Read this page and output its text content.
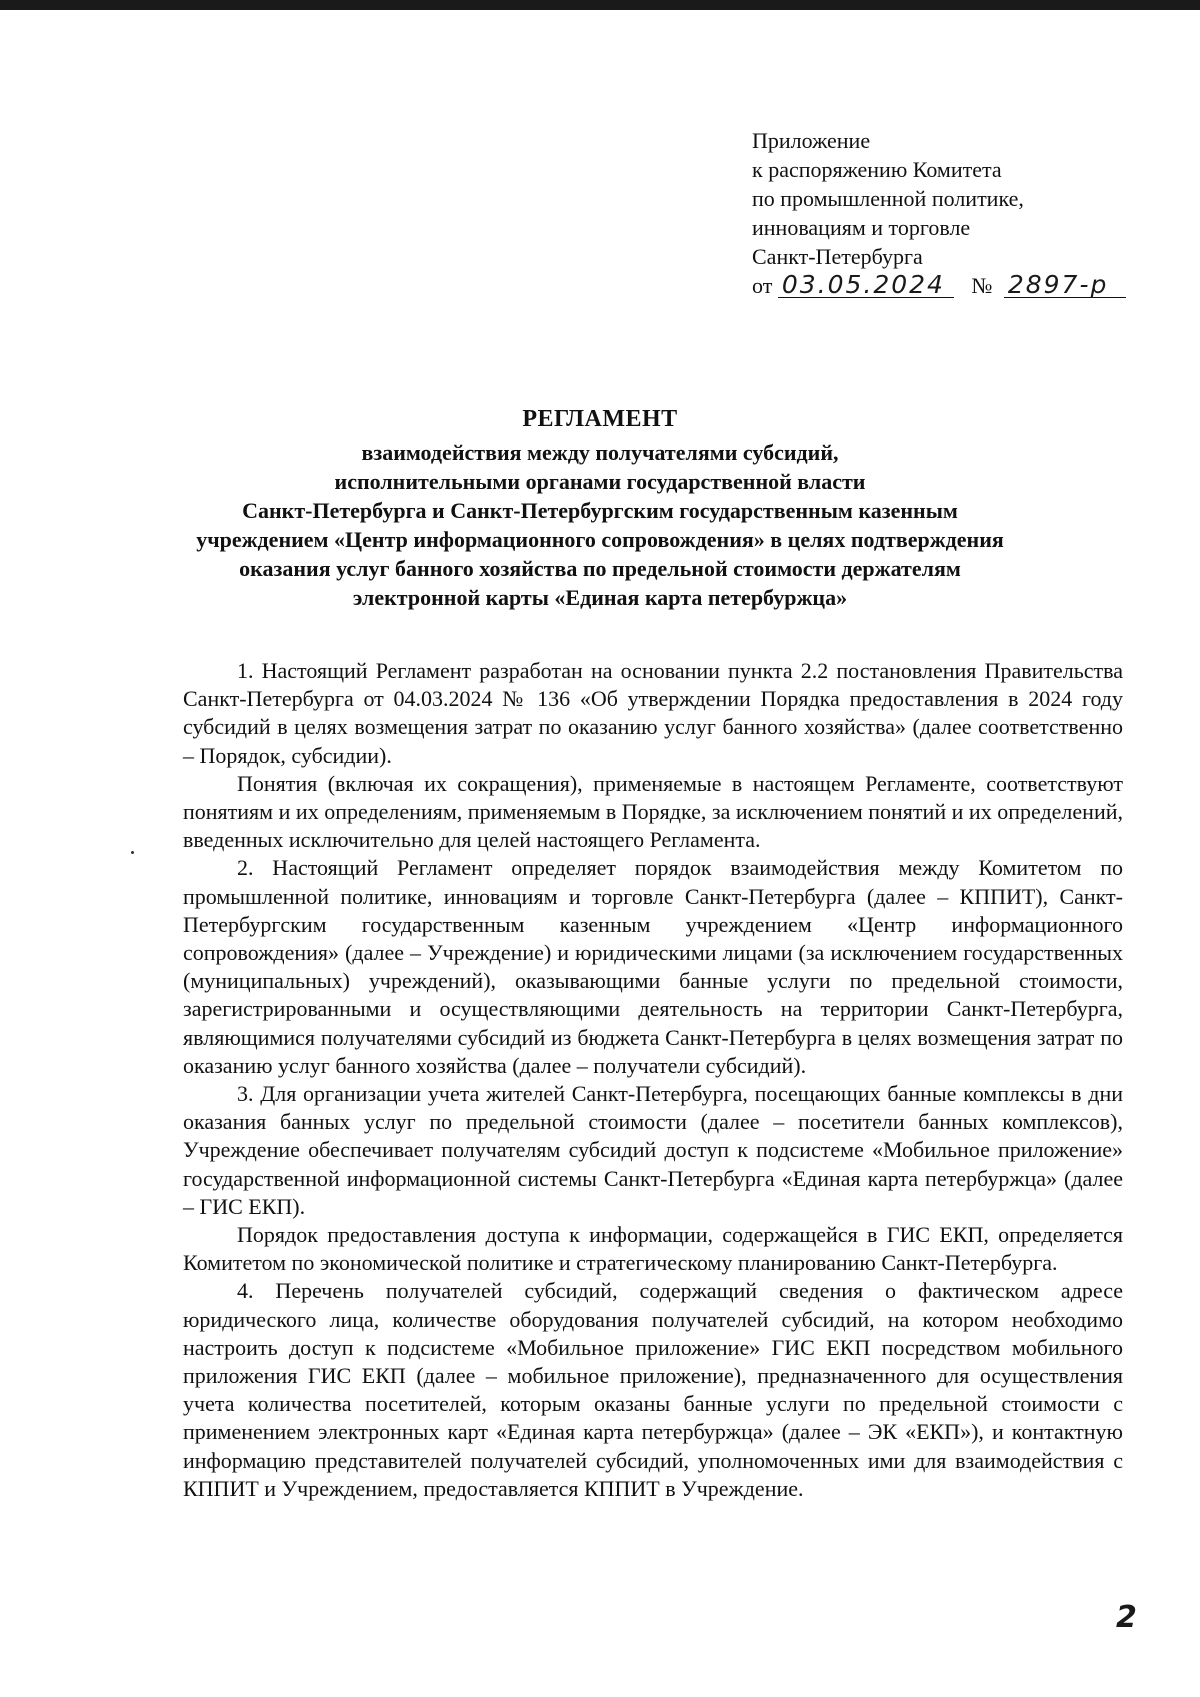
Приложение
к распоряжению Комитета
по промышленной политике,
инновациям и торговле
Санкт-Петербурга
от 03.05.2024 № 2897-р
РЕГЛАМЕНТ
взаимодействия между получателями субсидий,
исполнительными органами государственной власти
Санкт-Петербурга и Санкт-Петербургским государственным казенным
учреждением «Центр информационного сопровождения» в целях подтверждения
оказания услуг банного хозяйства по предельной стоимости держателям
электронной карты «Единая карта петербуржца»

1. Настоящий Регламент разработан на основании пункта 2.2 постановления Правительства Санкт-Петербурга от 04.03.2024 № 136 «Об утверждении Порядка предоставления в 2024 году субсидий в целях возмещения затрат по оказанию услуг банного хозяйства» (далее соответственно – Порядок, субсидии).

Понятия (включая их сокращения), применяемые в настоящем Регламенте, соответствуют понятиям и их определениям, применяемым в Порядке, за исключением понятий и их определений, введенных исключительно для целей настоящего Регламента.

2. Настоящий Регламент определяет порядок взаимодействия между Комитетом по промышленной политике, инновациям и торговле Санкт-Петербурга (далее – КППИТ), Санкт-Петербургским государственным казенным учреждением «Центр информационного сопровождения» (далее – Учреждение) и юридическими лицами (за исключением государственных (муниципальных) учреждений), оказывающими банные услуги по предельной стоимости, зарегистрированными и осуществляющими деятельность на территории Санкт-Петербурга, являющимися получателями субсидий из бюджета Санкт-Петербурга в целях возмещения затрат по оказанию услуг банного хозяйства (далее – получатели субсидий).

3. Для организации учета жителей Санкт-Петербурга, посещающих банные комплексы в дни оказания банных услуг по предельной стоимости (далее – посетители банных комплексов), Учреждение обеспечивает получателям субсидий доступ к подсистеме «Мобильное приложение» государственной информационной системы Санкт-Петербурга «Единая карта петербуржца» (далее – ГИС ЕКП).

Порядок предоставления доступа к информации, содержащейся в ГИС ЕКП, определяется Комитетом по экономической политике и стратегическому планированию Санкт-Петербурга.

4. Перечень получателей субсидий, содержащий сведения о фактическом адресе юридического лица, количестве оборудования получателей субсидий, на котором необходимо настроить доступ к подсистеме «Мобильное приложение» ГИС ЕКП посредством мобильного приложения ГИС ЕКП (далее – мобильное приложение), предназначенного для осуществления учета количества посетителей, которым оказаны банные услуги по предельной стоимости с применением электронных карт «Единая карта петербуржца» (далее – ЭК «ЕКП»), и контактную информацию представителей получателей субсидий, уполномоченных ими для взаимодействия с КППИТ и Учреждением, предоставляется КППИТ в Учреждение.

2
